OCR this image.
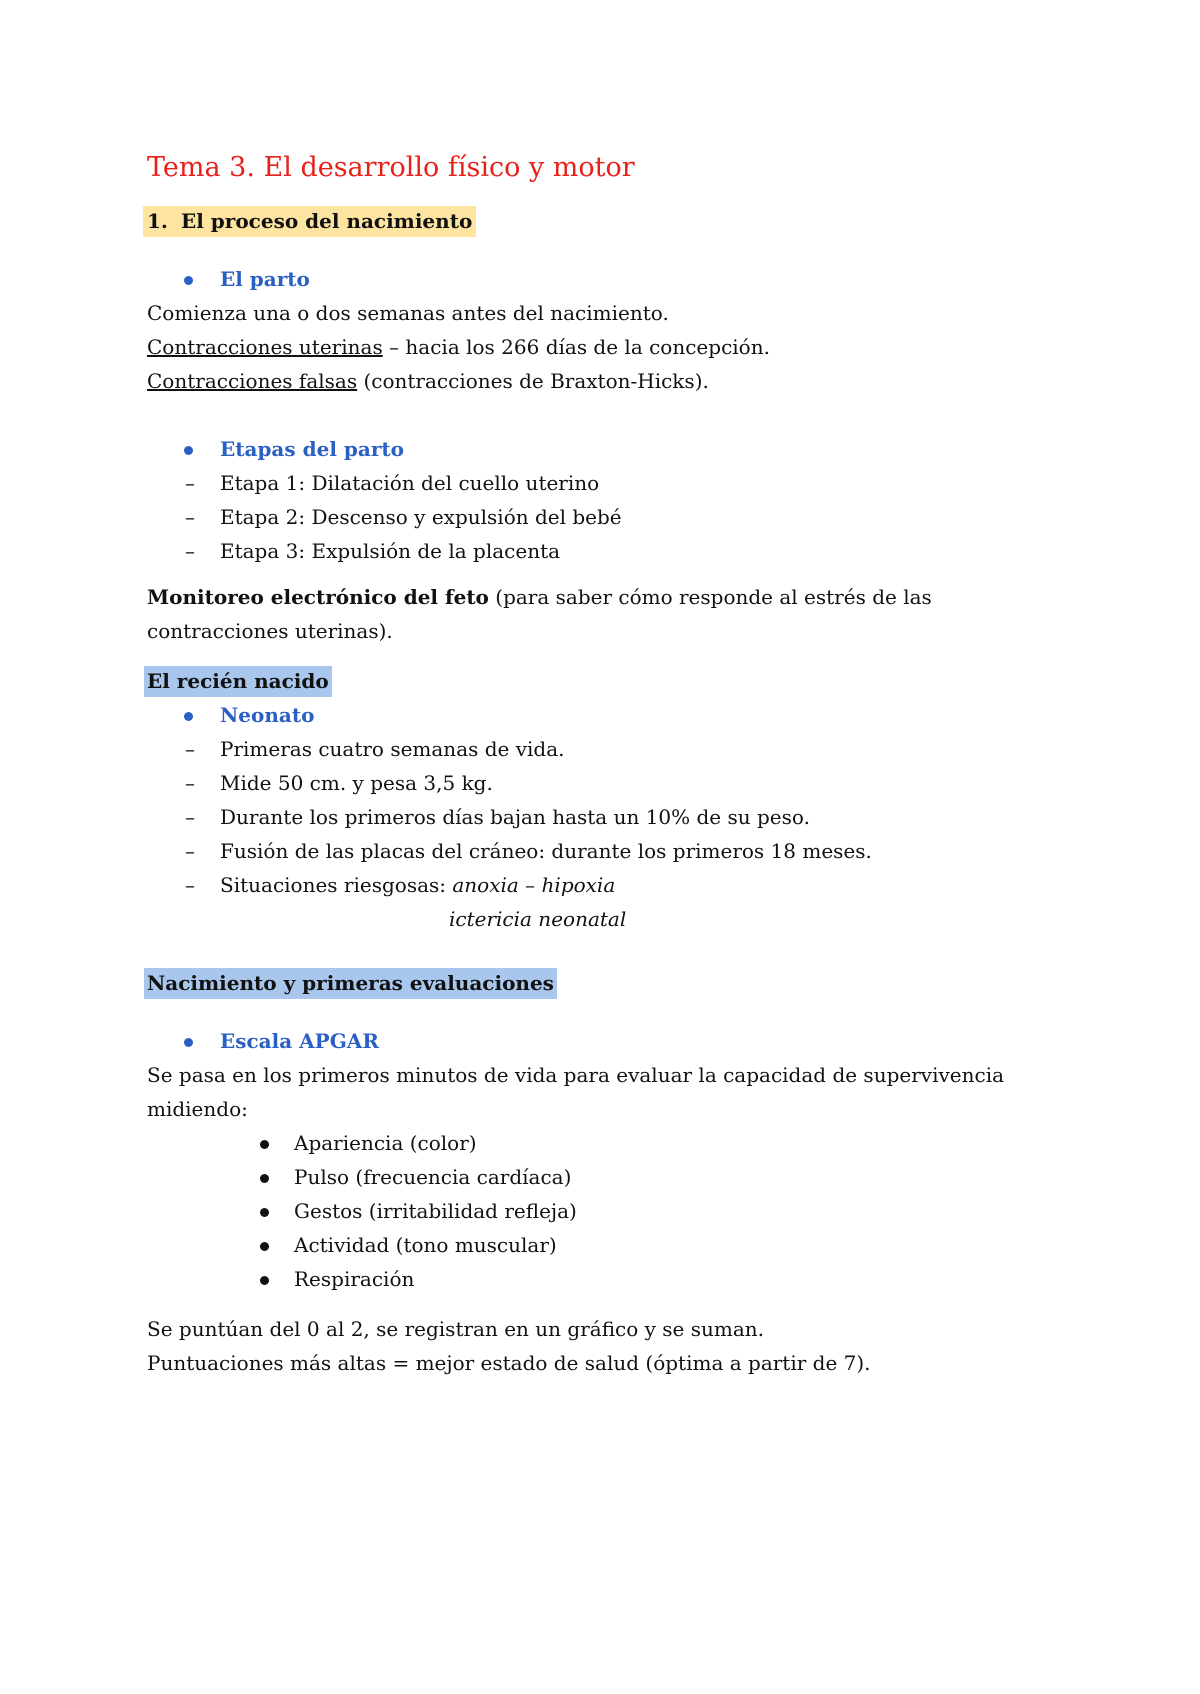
Tema 3. El desarrollo físico y motor
1. El proceso del nacimiento
El parto
Comienza una o dos semanas antes del nacimiento.
Contracciones uterinas – hacia los 266 días de la concepción.
Contracciones falsas (contracciones de Braxton-Hicks).
Etapas del parto
– Etapa 1: Dilatación del cuello uterino
– Etapa 2: Descenso y expulsión del bebé
– Etapa 3: Expulsión de la placenta
Monitoreo electrónico del feto (para saber cómo responde al estrés de las contracciones uterinas).
El recién nacido
Neonato
– Primeras cuatro semanas de vida.
– Mide 50 cm. y pesa 3,5 kg.
– Durante los primeros días bajan hasta un 10% de su peso.
– Fusión de las placas del cráneo: durante los primeros 18 meses.
– Situaciones riesgosas: anoxia – hipoxia
ictericia neonatal
Nacimiento y primeras evaluaciones
Escala APGAR
Se pasa en los primeros minutos de vida para evaluar la capacidad de supervivencia midiendo:
Apariencia (color)
Pulso (frecuencia cardíaca)
Gestos (irritabilidad refleja)
Actividad (tono muscular)
Respiración
Se puntúan del 0 al 2, se registran en un gráfico y se suman.
Puntuaciones más altas = mejor estado de salud (óptima a partir de 7).
